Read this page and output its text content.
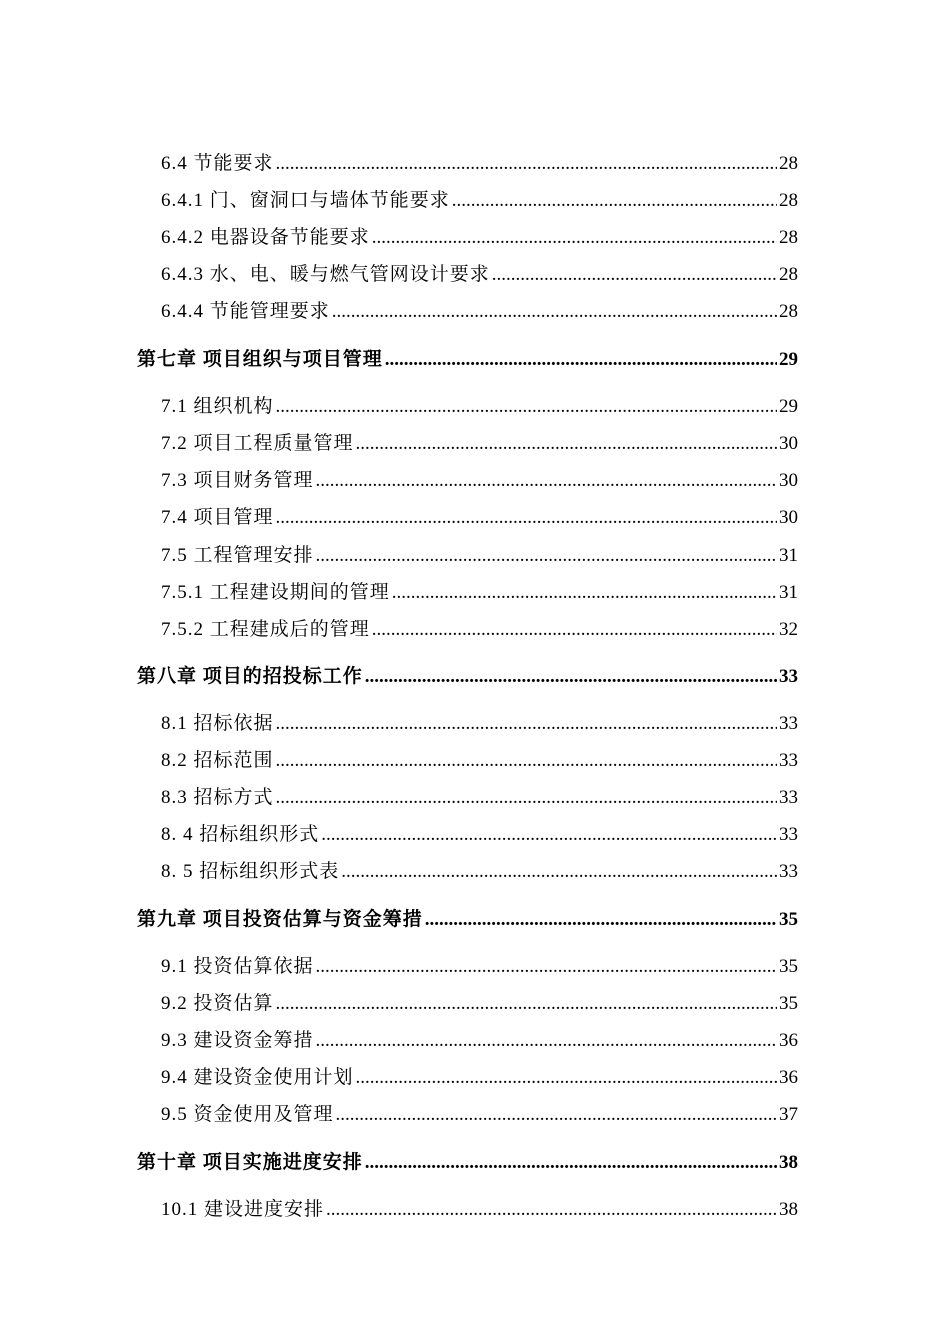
6.4 节能要求 .....	28
6.4.1 门、窗洞口与墙体节能要求 .....	28
6.4.2 电器设备节能要求 .....	28
6.4.3 水、电、暖与燃气管网设计要求 .....	28
6.4.4 节能管理要求 .....	28
第七章 项目组织与项目管理 .....	29
7.1 组织机构 .....	29
7.2 项目工程质量管理 .....	30
7.3 项目财务管理 .....	30
7.4 项目管理 .....	30
7.5 工程管理安排 .....	31
7.5.1 工程建设期间的管理 .....	31
7.5.2 工程建成后的管理 .....	32
第八章 项目的招投标工作 .....	33
8.1 招标依据 .....	33
8.2 招标范围 .....	33
8.3 招标方式 .....	33
8. 4 招标组织形式 .....	33
8. 5 招标组织形式表 .....	33
第九章 项目投资估算与资金筹措 .....	35
9.1 投资估算依据 .....	35
9.2 投资估算 .....	35
9.3 建设资金筹措 .....	36
9.4 建设资金使用计划 .....	36
9.5 资金使用及管理 .....	37
第十章 项目实施进度安排 .....	38
10.1 建设进度安排 .....	38
